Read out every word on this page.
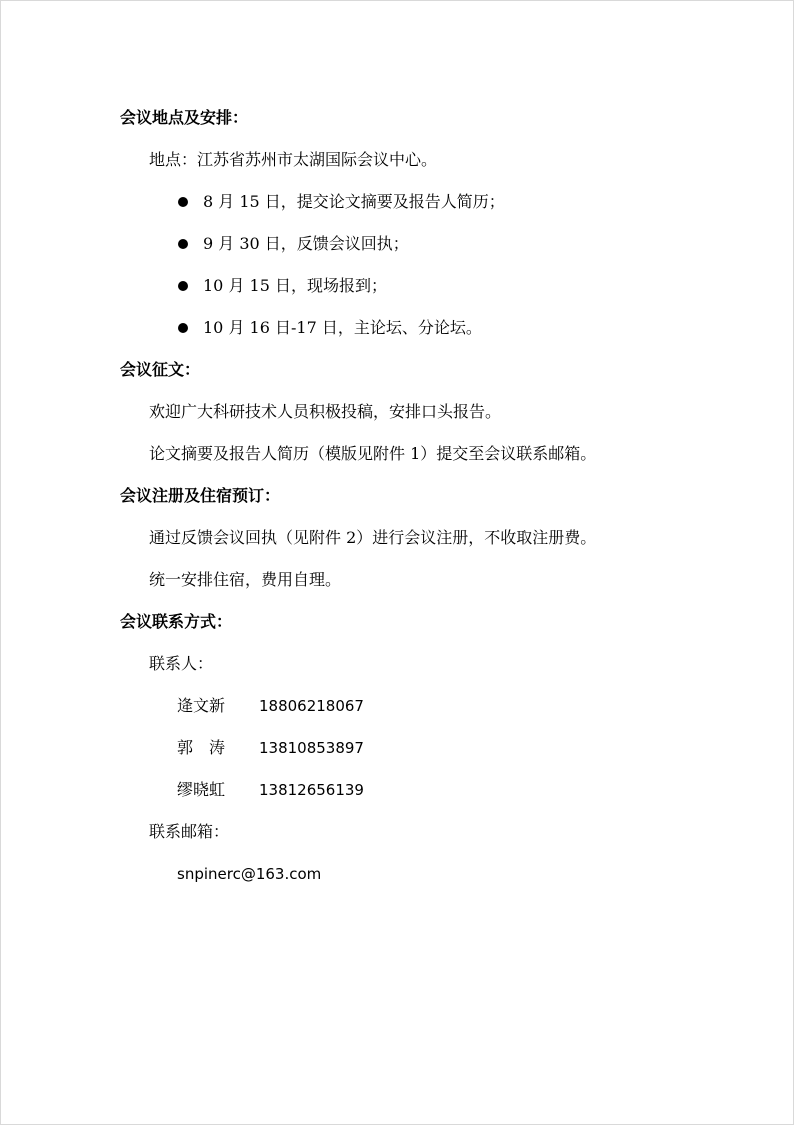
会议地点及安排：
地点：江苏省苏州市太湖国际会议中心。
8 月 15 日，提交论文摘要及报告人简历；
9 月 30 日，反馈会议回执；
10 月 15 日，现场报到；
10 月 16 日-17 日，主论坛、分论坛。
会议征文：
欢迎广大科研技术人员积极投稿，安排口头报告。
论文摘要及报告人简历（模版见附件 1）提交至会议联系邮箱。
会议注册及住宿预订：
通过反馈会议回执（见附件 2）进行会议注册，不收取注册费。
统一安排住宿，费用自理。
会议联系方式：
联系人：
逄文新 18806218067
郭　涛 13810853897
缪晓虹 13812656139
联系邮箱：
snpinerc@163.com
